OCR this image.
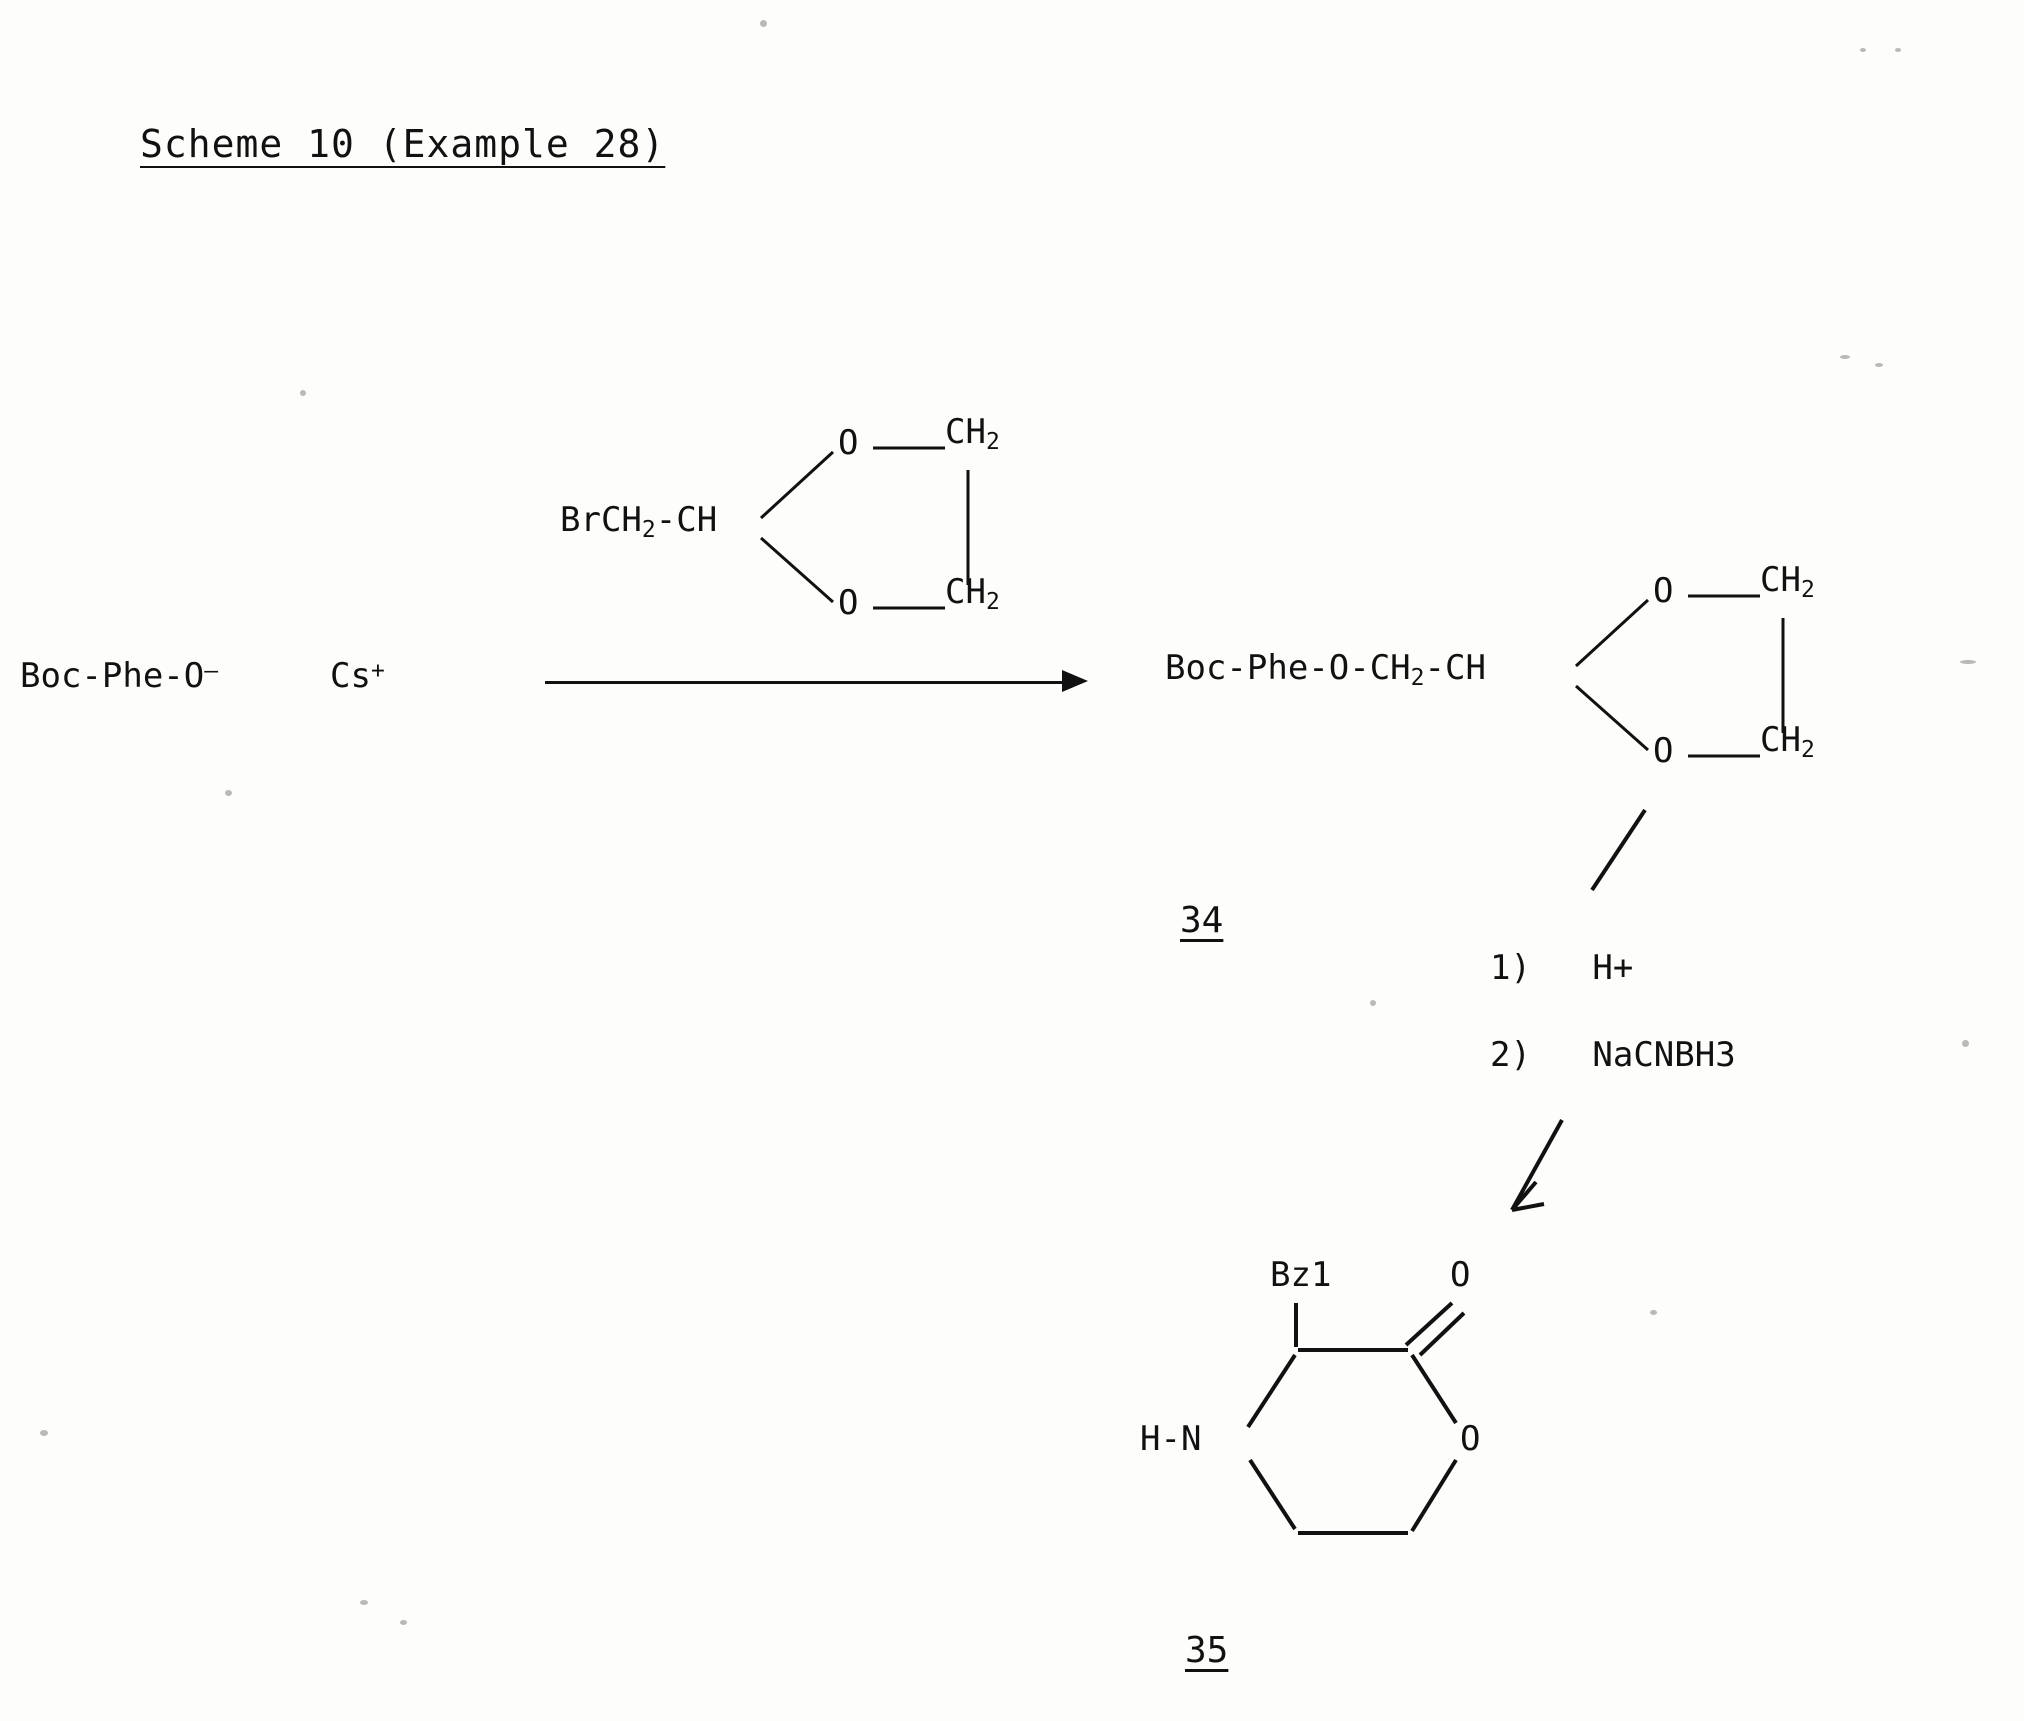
Scheme 10 (Example 28)
Boc-Phe-O–	Cs+
BrCH$_2$-CH
O
O
$CH_2$
$CH_2$
Boc-$Phe-O-CH_2-CH$
O
O
$CH_2$
$CH_2$
34
1) H+
2) NaCNBH3
Bz1	O
H-N	O
35
